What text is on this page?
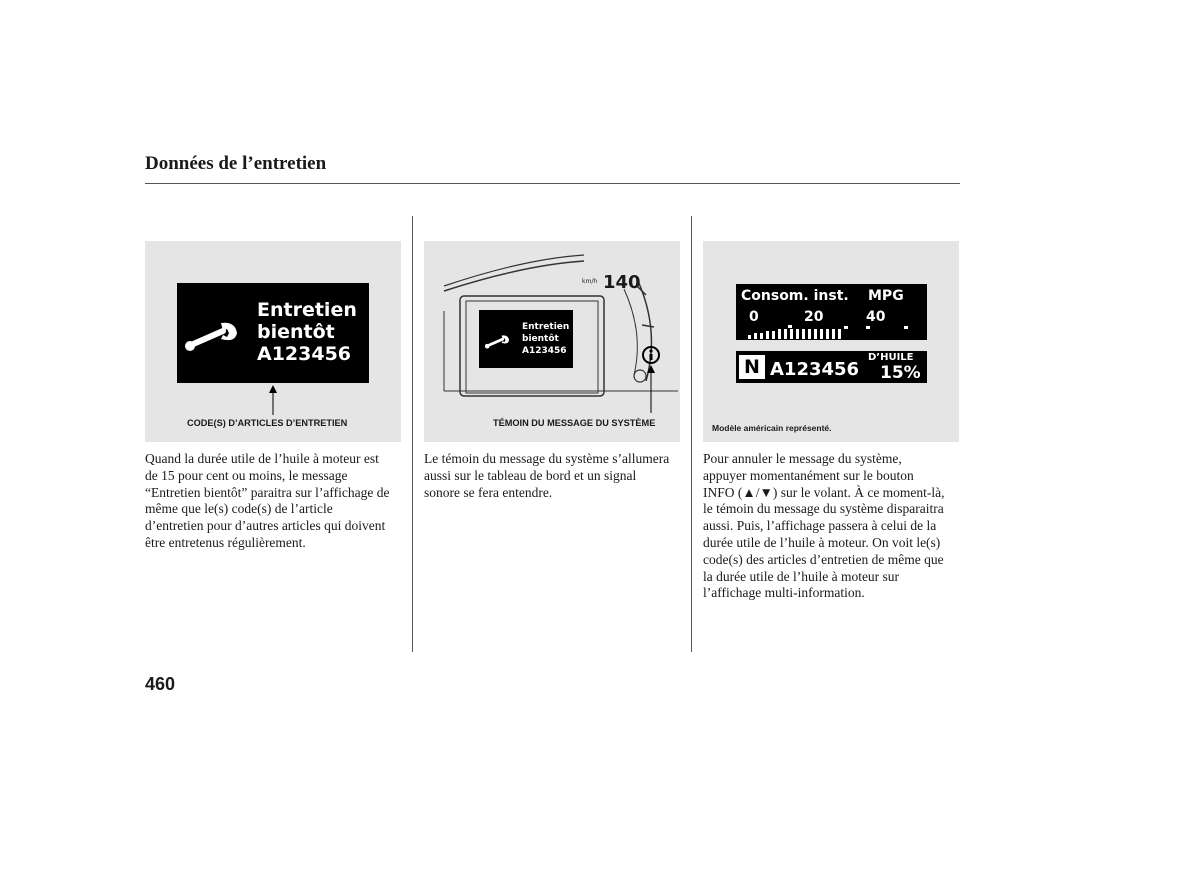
Données de l’entretien
Entretien
bientôt
A123456
CODE(S) D’ARTICLES D’ENTRETIEN
km/h 140
Entretien
bientôt
A123456
TÉMOIN DU MESSAGE DU SYSTÈME
Consom. inst. MPG
0	20	40
N A123456
D’HUILE
15%
Modèle américain représenté.
Quand la durée utile de l’huile à moteur est
de 15 pour cent ou moins, le message
“Entretien bientôt” paraitra sur l’affichage de
même que le(s) code(s) de l’article
d’entretien pour d’autres articles qui doivent
être entretenus régulièrement.
Le témoin du message du système s’allumera
aussi sur le tableau de bord et un signal
sonore se fera entendre.
Pour annuler le message du système,
appuyer momentanément sur le bouton
INFO (▲/▼) sur le volant. À ce moment-là,
le témoin du message du système disparaitra
aussi. Puis, l’affichage passera à celui de la
durée utile de l’huile à moteur. On voit le(s)
code(s) des articles d’entretien de même que
la durée utile de l’huile à moteur sur
l’affichage multi-information.
460
